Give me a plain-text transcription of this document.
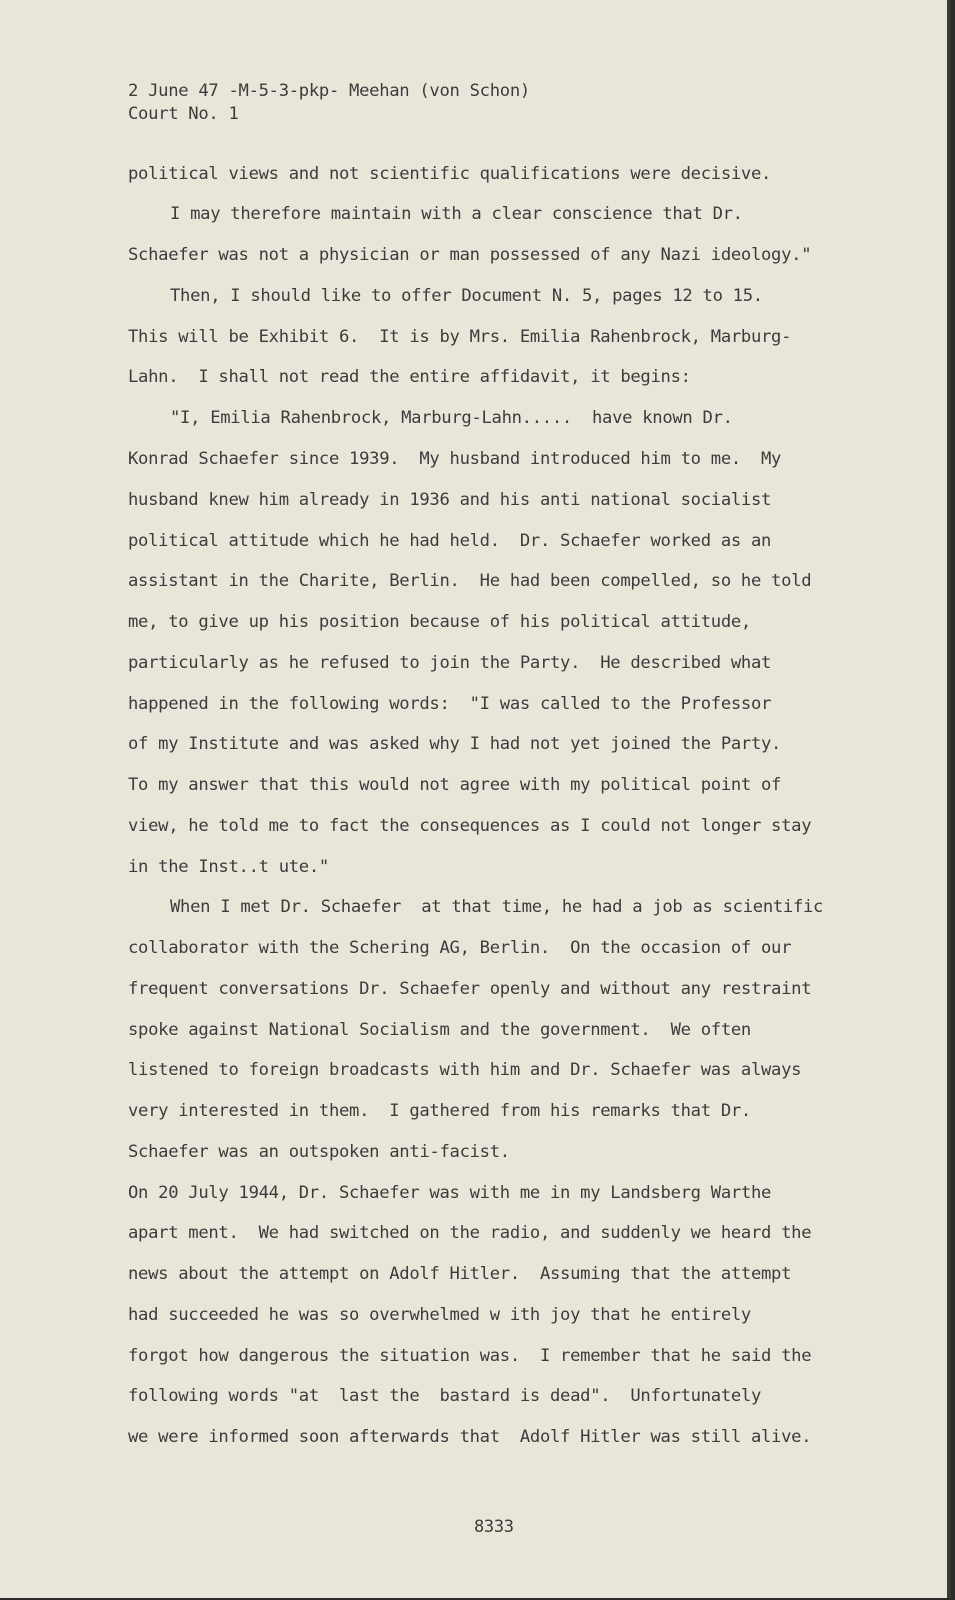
2 June 47 -M-5-3-pkp- Meehan (von Schon)
Court No. 1
political views and not scientific qualifications were decisive.
I may therefore maintain with a clear conscience that Dr.
Schaefer was not a physician or man possessed of any Nazi ideology."
Then, I should like to offer Document N. 5, pages 12 to 15.
This will be Exhibit 6.  It is by Mrs. Emilia Rahenbrock, Marburg-
Lahn.  I shall not read the entire affidavit, it begins:
"I, Emilia Rahenbrock, Marburg-Lahn.....  have known Dr.
Konrad Schaefer since 1939.  My husband introduced him to me.  My
husband knew him already in 1936 and his anti national socialist
political attitude which he had held.  Dr. Schaefer worked as an
assistant in the Charite, Berlin.  He had been compelled, so he told
me, to give up his position because of his political attitude,
particularly as he refused to join the Party.  He described what
happened in the following words:  "I was called to the Professor
of my Institute and was asked why I had not yet joined the Party.
To my answer that this would not agree with my political point of
view, he told me to fact the consequences as I could not longer stay
in the Inst..t ute."
When I met Dr. Schaefer  at that time, he had a job as scientific
collaborator with the Schering AG, Berlin.  On the occasion of our
frequent conversations Dr. Schaefer openly and without any restraint
spoke against National Socialism and the government.  We often
listened to foreign broadcasts with him and Dr. Schaefer was always
very interested in them.  I gathered from his remarks that Dr.
Schaefer was an outspoken anti-facist.
On 20 July 1944, Dr. Schaefer was with me in my Landsberg Warthe
apart ment.  We had switched on the radio, and suddenly we heard the
news about the attempt on Adolf Hitler.  Assuming that the attempt
had succeeded he was so overwhelmed w ith joy that he entirely
forgot how dangerous the situation was.  I remember that he said the
following words "at  last the  bastard is dead".  Unfortunately
we were informed soon afterwards that  Adolf Hitler was still alive.
8333
